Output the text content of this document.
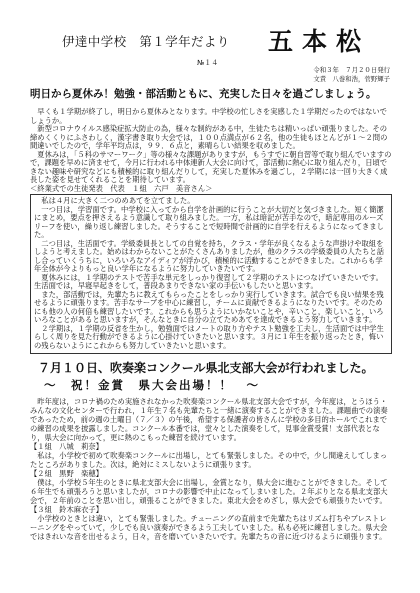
伊達中学校　第１学年だより 五本松
№１４
令和３年　７月２０日発行
文責　八巻和浩，菅野輝子
明日から夏休み！勉強・部活動ともに、充実した日々を過ごしましょう。

早くも１学期が終了し，明日から夏休みとなります。中学校の忙しさを実感した１学期だったのではないでしょうか。

新型コロナウイルス感染症拡大防止の為，様々な制約がある中，生徒たちは精いっぱい頑張りました。その締めくくりにふさわしく，漢字書き取り大会では，１００点満点が６２名，他の生徒もほとんどが１～２問の間違いでしたので，学年平均点は，９９．６点と，素晴らしい結果を収めました。

夏休みは，「５科のサマーワーク」等の様々な課題がありますが，もうすでに朝自習等で取り組んでいますので，課題を早めに済ませて，今月に行われる中体連新人大会に向けて，部活動に熱心に取り組んだり，日頃できない趣味や研究などにも積極的に取り組んだりして，充実した夏休みを過ごし，２学期には一回り大きく成長した姿を見せてくれることを期待しています。

＜終業式での生徒発表　代表　１組　六戸　美音さん＞

私は４月に大きく二つのめあてを立てました。

一つ目は，学習面です。中学校に入ってから自学を計画的に行うことが大切だと気づきました。短く簡潔にまとめ，要点を押さえるよう意識して取り組みました。一方，私は暗記が苦手なので，暗記専用のルーズリーフを使い，繰り返し練習しました。そうすることで短時間で計画的に自学を行えるようになってきました。

二つ目は，生活面です。学級委員長としての自覚を持ち，クラス・学年が良くなるような声掛けや取組をしようと考えました。始めはわからないことがたくさんありましたが，他のクラスの学級委員の人たちと話し合っていくうちに，いろいろなアイディアが浮かび，積極的に活動することができました。これからも学年全体が今よりもっと良い学年になるように努力していきたいです。

夏休みには，１学期のテストで苦手な単元をしっかり復習して２学期のテストにつなげていきたいです。生活面では，早寝早起きをして，普段あまりできない家の手伝いもしたいと思います。

また，部活動では，先輩たちに教えてもらったことをしっかり実行していきます。試合でも良い結果を残せるように頑張ります。苦手なサーブを中心に練習し，チームに貢献できるようになりたいです。そのためにも他の人の何倍も練習したいです。これからも思うようにいかないことや，辛いこと，楽しいこと，いろいろなことがあると思いますが，そんなときに自分の立てためあてを達成できるよう努力していきます。

２学期は，１学期の反省を生かし，勉強面ではノートの取り方やテスト勉強を工夫し，生活面では中学生らしく周りを見た行動ができるように心掛けていきたいと思います。３月に１年生を振り返ったとき，悔いの残らないようにこれからも努力していきたいと思います。

７月１０日、吹奏楽コンクール県北支部大会が行われました。
～　祝！金賞　県大会出場！！　～

昨年度は，コロナ禍のため実施されなかった吹奏楽コンクール県北支部大会ですが，今年度は，とうほう・みんなの文化センターで行われ，１年生７名も先輩たちと一緒に演奏することができました。課題曲での演奏であったため，前の週の土曜日（７／３）の午後，希望する保護者の皆さんに学校の多目的ホールでこれまでの練習の成果を披露しました。コンクール本番では，堂々とした演奏をして，見事金賞受賞！支部代表となり，県大会に向かって，更に熱のこもった練習を続けています。

【１組　八城　莉奈】

私は，小学校で初めて吹奏楽コンクールに出場し，とても緊張しました。その中で，少し間違えしてしまったところがありました。次は，絶対にミスしないように頑張ります。

【２組　黒野　楽穂】

僕は，小学校５年生のときに県北支部大会に出場し，金賞となり，県大会に進むことができました。そして６年生でも頑張ろうと思いましたが，コロナの影響で中止になってしまいました。２年ぶりとなる県北支部大会で，２年前のことを思い出し，頑張ることができました。東北大会をめざし，県大会でも頑張りたいです。

【３組　鈴木麻衣子】

小学校のときとは違い，とても緊張しました。チューニングの直前まで先輩たちはリズム打ちやブレストレーニングをやっていて，少しでも良い演奏ができるよう工夫していました。私も必死に練習しました。県大会ではきれいな音を出せるよう，日々，音を磨いていきたいです。先輩たちの音に近づけるように頑張ります。
